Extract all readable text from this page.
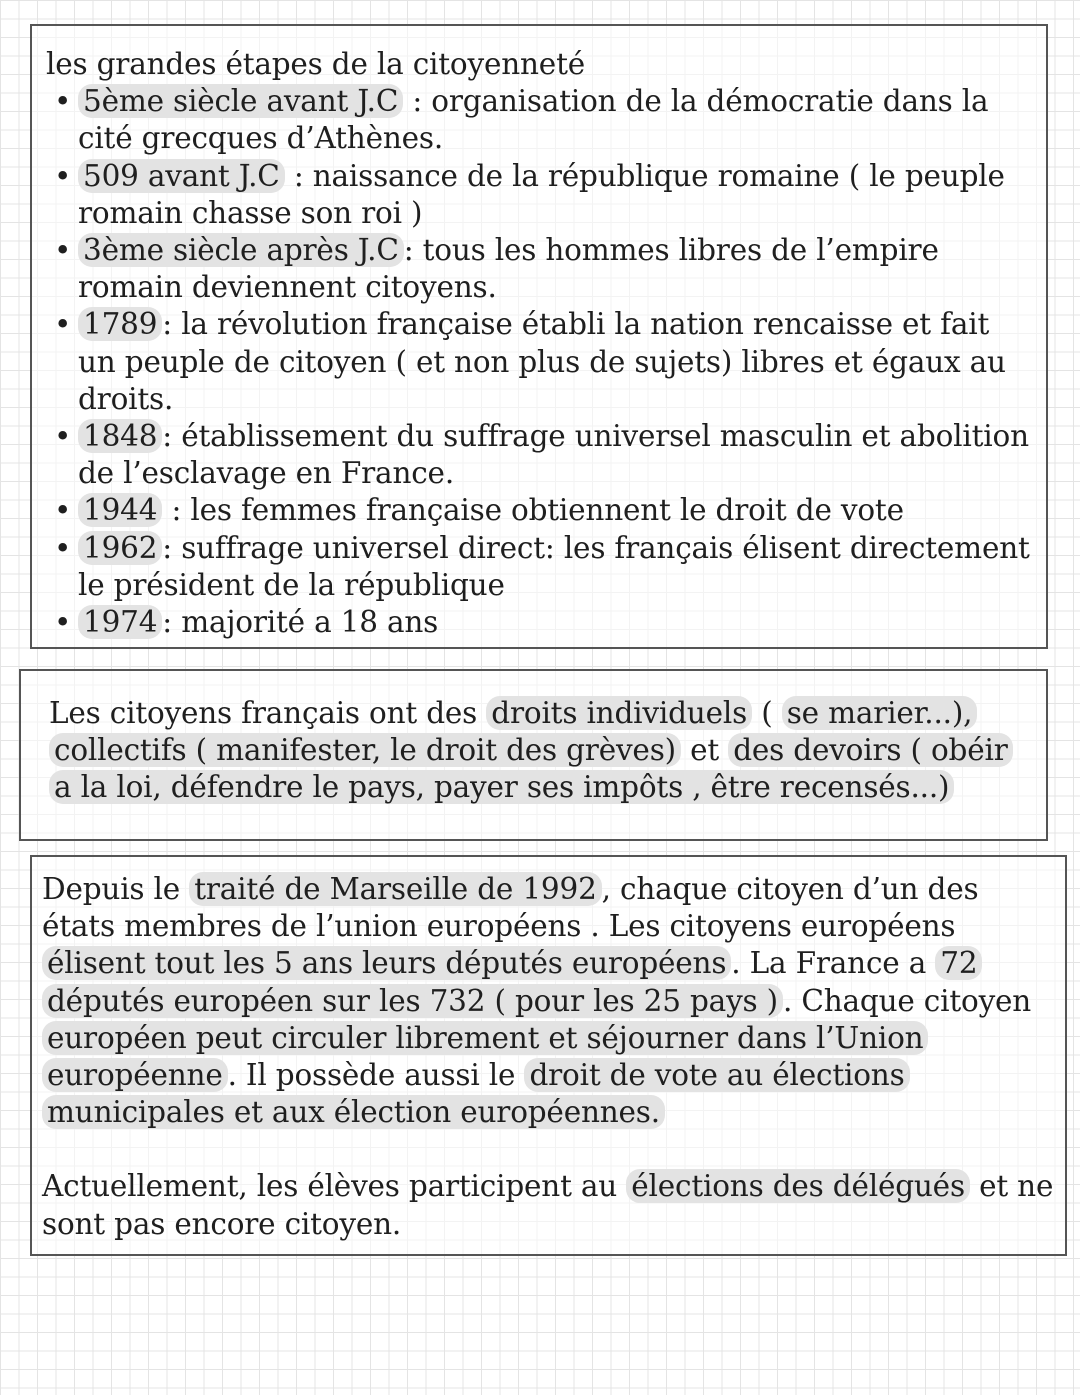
les grandes étapes de la citoyenneté

• 5ème siècle avant J.C : organisation de la démocratie dans la cité grecques d’Athènes.
• 509 avant J.C : naissance de la république romaine ( le peuple romain chasse son roi )
• 3ème siècle après J.C : tous les hommes libres de l’empire romain deviennent citoyens.
• 1789 : la révolution française établi la nation rencaisse et fait un peuple de citoyen ( et non plus de sujets) libres et égaux au droits.
• 1848 : établissement du suffrage universel masculin et abolition de l’esclavage en France.
• 1944 : les femmes française obtiennent le droit de vote
• 1962 : suffrage universel direct: les français élisent directement le président de la république
• 1974 : majorité a 18 ans

Les citoyens français ont des droits individuels ( se marier...), collectifs ( manifester, le droit des grèves) et des devoirs ( obéir a la loi, défendre le pays, payer ses impôts , être recensés...)

Depuis le traité de Marseille de 1992 , chaque citoyen d’un des états membres de l’union européens . Les citoyens européens élisent tout les 5 ans leurs députés européens . La France a 72 députés européen sur les 732 ( pour les 25 pays ) . Chaque citoyen européen peut circuler librement et séjourner dans l’Union européenne . Il possède aussi le droit de vote au élections municipales et aux élection européennes.

Actuellement, les élèves participent au élections des délégués et ne sont pas encore citoyen.
